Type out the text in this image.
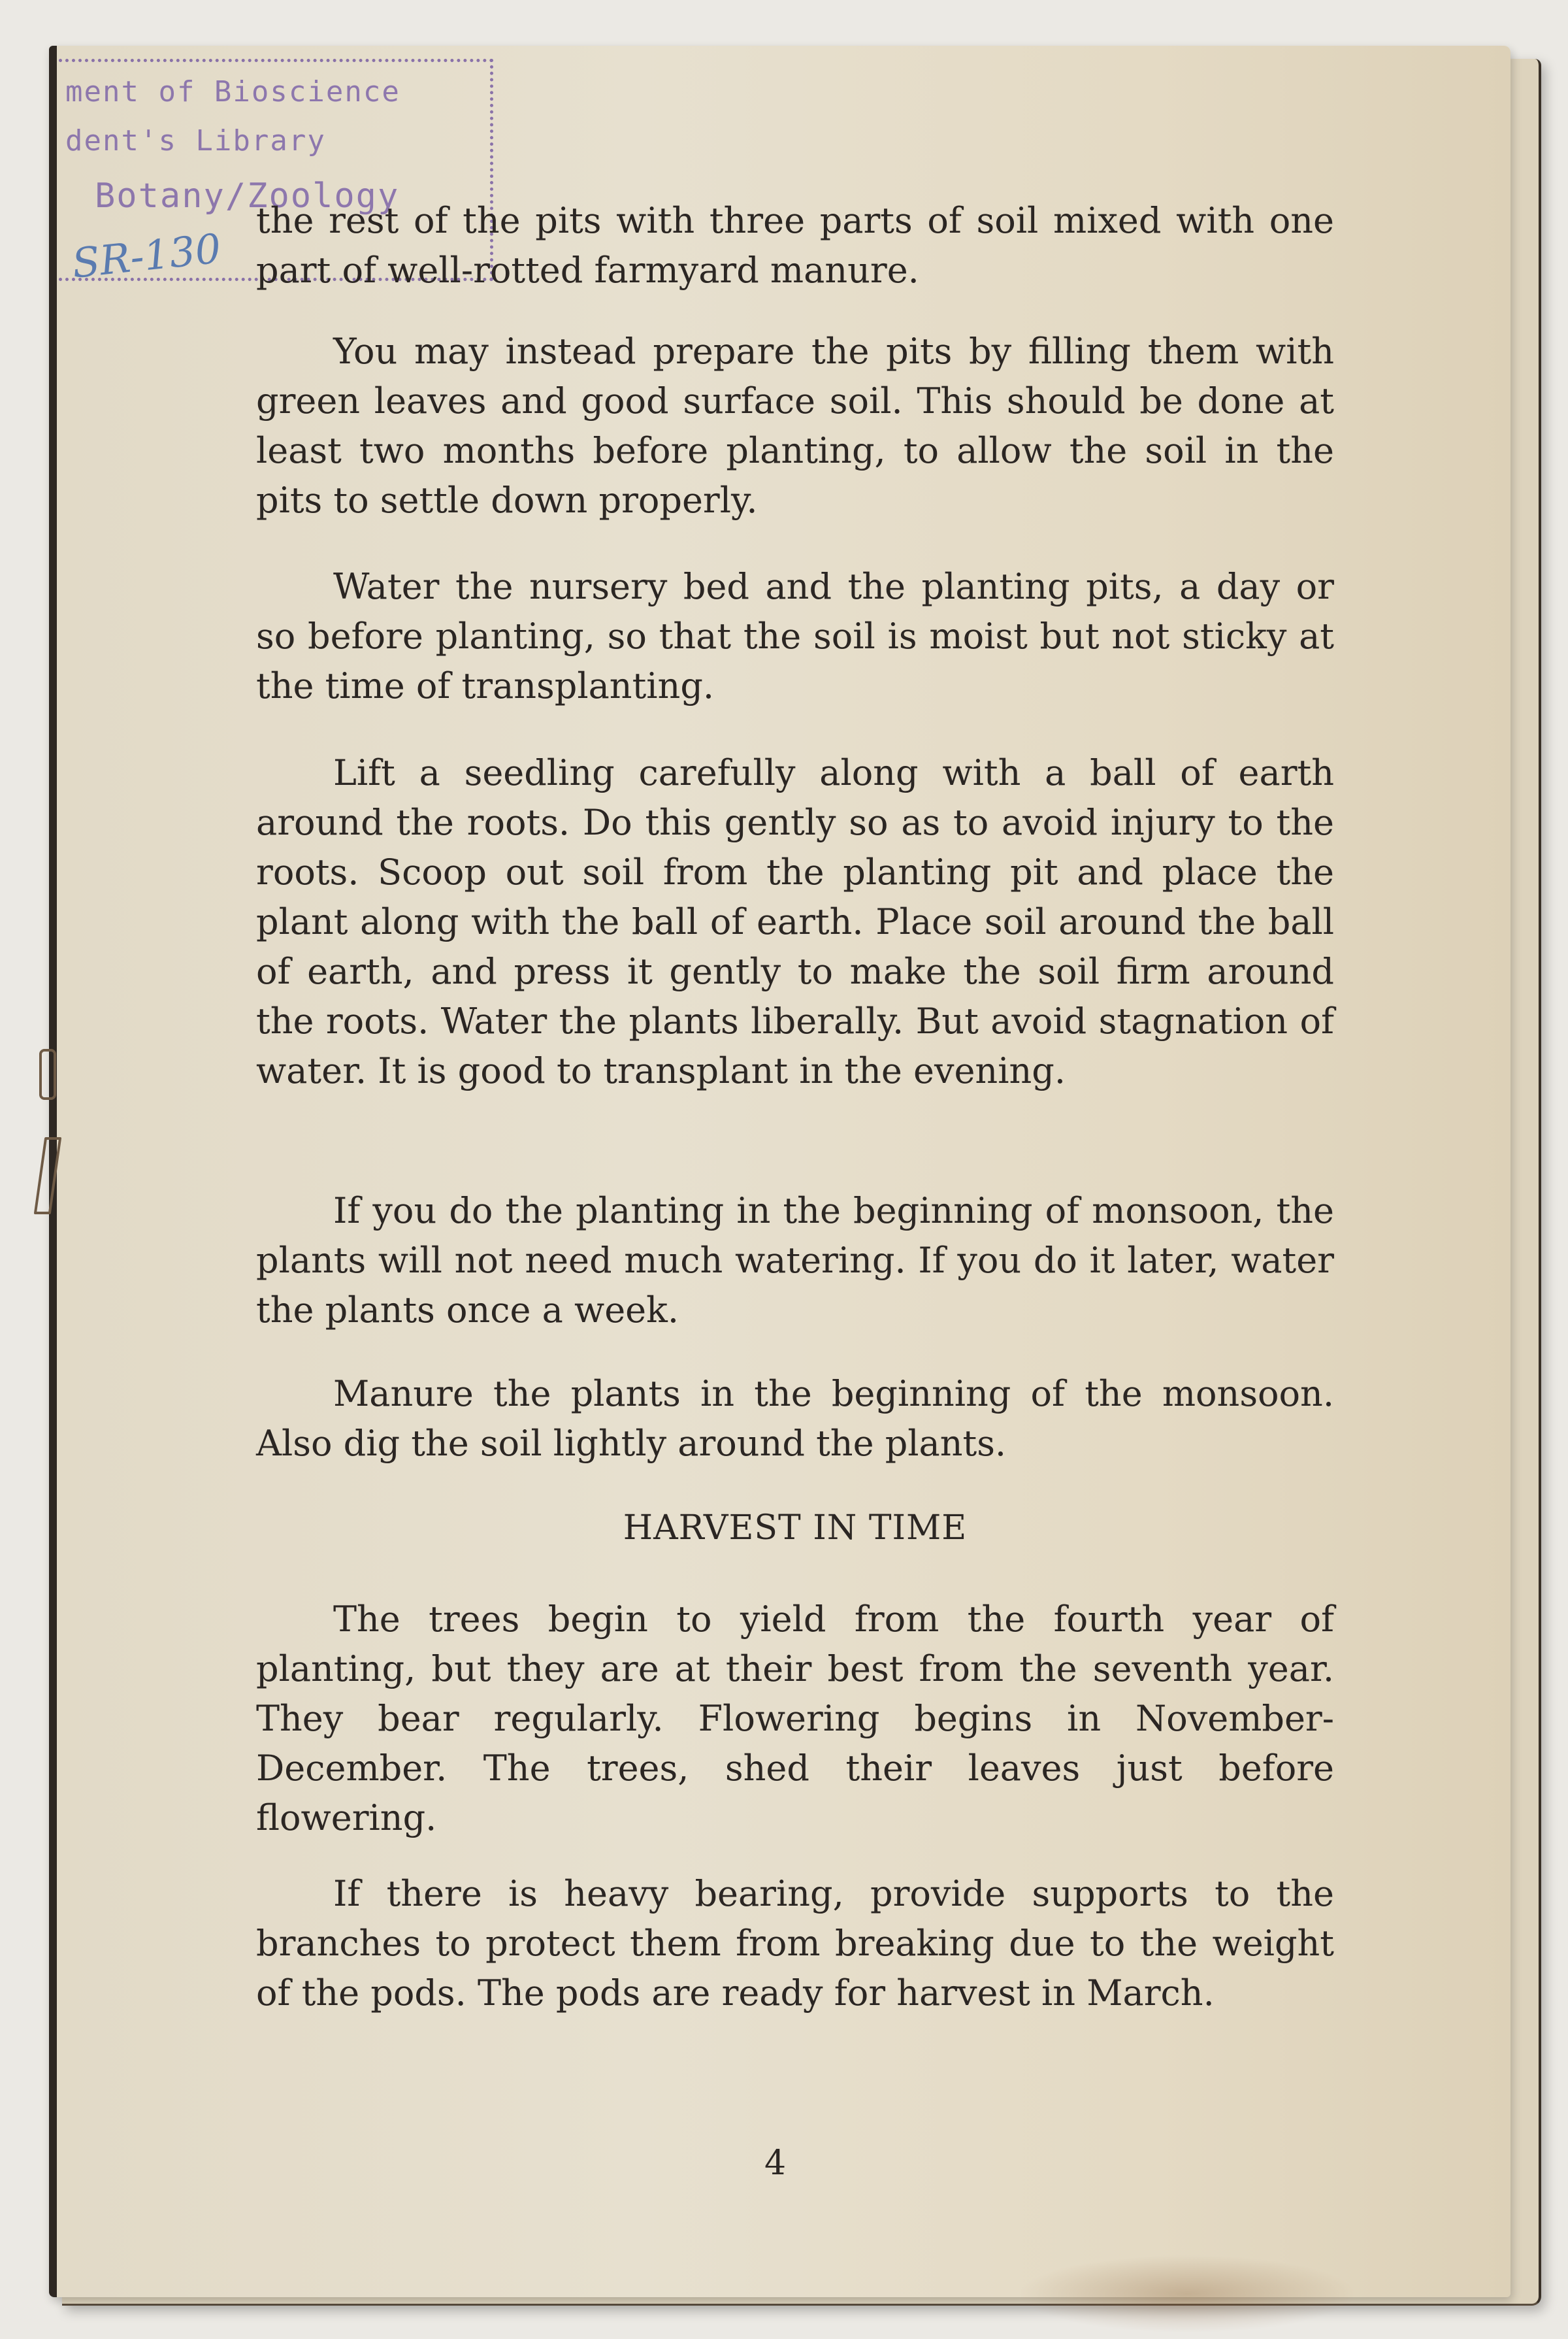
ment of Bioscience
dent's Library
Botany/Zoology
SR-130
the rest of the pits with three parts of soil mixed with one part of well-rotted farmyard manure.
You may instead prepare the pits by filling them with green leaves and good surface soil. This should be done at least two months before planting, to allow the soil in the pits to settle down properly.
Water the nursery bed and the planting pits, a day or so before planting, so that the soil is moist but not sticky at the time of transplanting.
Lift a seedling carefully along with a ball of earth around the roots. Do this gently so as to avoid injury to the roots. Scoop out soil from the planting pit and place the plant along with the ball of earth. Place soil around the ball of earth, and press it gently to make the soil firm around the roots. Water the plants liberally. But avoid stagnation of water. It is good to transplant in the evening.
If you do the planting in the beginning of monsoon, the plants will not need much watering. If you do it later, water the plants once a week.
Manure the plants in the beginning of the monsoon. Also dig the soil lightly around the plants.
HARVEST IN TIME
The trees begin to yield from the fourth year of planting, but they are at their best from the seventh year. They bear regularly. Flowering begins in November-December. The trees, shed their leaves just before flowering.
If there is heavy bearing, provide supports to the branches to protect them from breaking due to the weight of the pods. The pods are ready for harvest in March.
4
